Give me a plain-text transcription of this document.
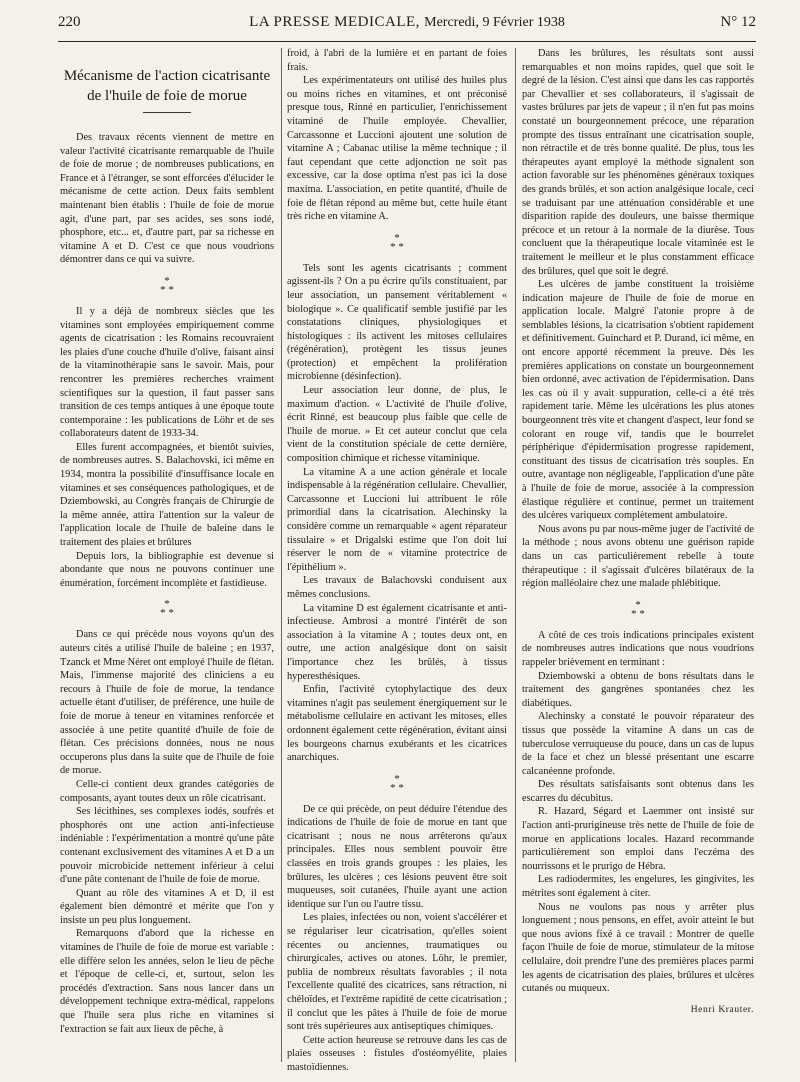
220	LA PRESSE MEDICALE, Mercredi, 9 Février 1938	N° 12
Mécanisme de l'action cicatrisante
de l'huile de foie de morue

Des travaux récents viennent de mettre en valeur l'activité cicatrisante remarquable de l'huile de foie de morue ; de nombreuses publications, en France et à l'étranger, se sont efforcées d'élucider le mécanisme de cette action. Deux faits semblent maintenant bien établis : l'huile de foie de morue agit, d'une part, par ses acides, ses sons iodé, phosphore, etc... et, d'autre part, par sa richesse en vitamine A et D. C'est ce que nous voudrions démontrer dans ce qui va suivre.

*
* *

Il y a déjà de nombreux siècles que les vitamines sont employées empiriquement comme agents de cicatrisation : les Romains recouvraient les plaies d'une couche d'huile d'olive, faisant ainsi de la vitaminothérapie sans le savoir. Mais, pour rencontrer les premières recherches vraiment scientifiques sur la question, il faut passer sans transition de ces temps antiques à une époque toute contemporaine : les publications de Löhr et de ses collaborateurs datent de 1933-34.

Elles furent accompagnées, et bientôt suivies, de nombreuses autres. S. Balachovski, ici même en 1934, montra la possibilité d'insuffisance locale en vitamines et ses conséquences pathologiques, et de Dziembowski, au Congrès français de Chirurgie de la même année, attira l'attention sur la valeur de l'application locale de l'huile de baleine dans le traitement des plaies et brûlures

Depuis lors, la bibliographie est devenue si abondante que nous ne pouvons continuer une énumération, forcément incomplète et fastidieuse.

*
* *

Dans ce qui précède nous voyons qu'un des auteurs cités a utilisé l'huile de baleine ; en 1937, Tzanck et Mme Néret ont employé l'huile de flétan. Mais, l'immense majorité des cliniciens a eu recours à l'huile de foie de morue, la tendance actuelle étant d'utiliser, de préférence, une huile de foie de morue à teneur en vitamines renforcée et associée à une petite quantité d'huile de foie de flétan. Ces précisions données, nous ne nous occuperons plus dans la suite que de l'huile de foie de morue.

Celle-ci contient deux grandes catégories de composants, ayant toutes deux un rôle cicatrisant.

Ses lécithines, ses complexes iodés, soufrés et phosphorés ont une action anti-infectieuse indéniable : l'expérimentation a montré qu'une pâte contenant exclusivement des vitamines A et D a un pouvoir microbicide nettement inférieur à celui d'une pâte contenant de l'huile de foie de morue.

Quant au rôle des vitamines A et D, il est également bien démontré et mérite que l'on y insiste un peu plus longuement.

Remarquons d'abord que la richesse en vitamines de l'huile de foie de morue est variable : elle diffère selon les années, selon le lieu de pêche et l'époque de celle-ci, et, surtout, selon les procédés d'extraction. Sans nous lancer dans un développement technique extra-médical, rappelons que l'huile sera plus riche en vitamines si l'extraction se fait aux lieux de pêche, à

froid, à l'abri de la lumière et en partant de foies frais.

Les expérimentateurs ont utilisé des huiles plus ou moins riches en vitamines, et ont préconisé presque tous, Rinné en particulier, l'enrichissement vitaminé de l'huile employée. Chevallier, Carcassonne et Luccioni ajoutent une solution de vitamine A ; Cabanac utilise la même technique ; il faut cependant que cette adjonction ne soit pas excessive, car la dose optima n'est pas ici la dose maxima. L'association, en petite quantité, d'huile de foie de flétan répond au même but, cette huile étant très riche en vitamine A.

*
* *

Tels sont les agents cicatrisants ; comment agissent-ils ? On a pu écrire qu'ils constituaient, par leur association, un pansement véritablement « biologique ». Ce qualificatif semble justifié par les constatations cliniques, physiologiques et histologiques : ils activent les mitoses cellulaires (régénération), protègent les tissus jeunes (protection) et empêchent la prolifération microbienne (désinfection).

Leur association leur donne, de plus, le maximum d'action. « L'activité de l'huile d'olive, écrit Rinné, est beaucoup plus faible que celle de l'huile de morue. » Et cet auteur conclut que cela vient de la constitution spéciale de cette dernière, composition chimique et richesse vitaminique.

La vitamine A a une action générale et locale indispensable à la régénération cellulaire. Chevallier, Carcassonne et Luccioni lui attribuent le rôle primordial dans la cicatrisation. Alechinsky la considère comme un remarquable « agent réparateur tissulaire » et Drigalski estime que l'on doit lui réserver le nom de « vitamine protectrice de l'épithélium ».

Les travaux de Balachovski conduisent aux mêmes conclusions.

La vitamine D est également cicatrisante et anti-infectieuse. Ambrosi a montré l'intérêt de son association à la vitamine A ; toutes deux ont, en outre, une action analgésique dont on saisit l'importance chez les brûlés, à tissus hyperesthésiques.

Enfin, l'activité cytophylactique des deux vitamines n'agit pas seulement énergiquement sur le métabolisme cellulaire en activant les mitoses, elles ordonnent également cette régénération, évitant ainsi les bourgeons charnus exubérants et les cicatrices anarchiques.

*
* *

De ce qui précède, on peut déduire l'étendue des indications de l'huile de foie de morue en tant que cicatrisant ; nous ne nous arrêterons qu'aux principales. Elles nous semblent pouvoir être classées en trois grands groupes : les plaies, les brûlures, les ulcères ; ces lésions peuvent être soit muqueuses, soit cutanées, l'huile ayant une action identique sur l'un ou l'autre tissu.

Les plaies, infectées ou non, voient s'accélérer et se régulariser leur cicatrisation, qu'elles soient récentes ou anciennes, traumatiques ou chirurgicales, actives ou atones. Löhr, le premier, publia de nombreux résultats favorables ; il nota l'excellente qualité des cicatrices, sans rétraction, ni chéloïdes, et l'extrême rapidité de cette cicatrisation ; il conclut que les pâtes à l'huile de foie de morue sont très supérieures aux antiseptiques chimiques.

Cette action heureuse se retrouve dans les cas de plaies osseuses : fistules d'ostéomyélite, plaies mastoïdiennes.

Dans les brûlures, les résultats sont aussi remarquables et non moins rapides, quel que soit le degré de la lésion. C'est ainsi que dans les cas rapportés par Chevallier et ses collaborateurs, il s'agissait de vastes brûlures par jets de vapeur ; il n'en fut pas moins constaté un bourgeonnement précoce, une réparation prompte des tissus entraînant une cicatrisation souple, non rétractile et de très bonne qualité. De plus, tous les thérapeutes ayant employé la méthode signalent son action favorable sur les phénomènes généraux toxiques des grands brûlés, et son action analgésique locale, ceci se traduisant par une atténuation considérable et une disparition rapide des douleurs, une baisse thermique précoce et un retour à la normale de la diurèse. Tous concluent que la thérapeutique locale vitaminée est le traitement le meilleur et le plus constamment efficace des brûlures, quel que soit le degré.

Les ulcères de jambe constituent la troisième indication majeure de l'huile de foie de morue en application locale. Malgré l'atonie propre à de semblables lésions, la cicatrisation s'obtient rapidement et définitivement. Guinchard et P. Durand, ici même, en ont encore apporté récemment la preuve. Dès les premières applications on constate un bourgeonnement bien ordonné, avec activation de l'épidermisation. Dans les cas où il y avait suppuration, celle-ci a été très rapidement tarie. Même les ulcérations les plus atones bourgeonnent très vite et changent d'aspect, leur fond se colorant en rouge vif, tandis que le bourrelet périphérique d'épidermisation progresse rapidement, constituant des tissus de cicatrisation très souples. En outre, avantage non négligeable, l'application d'une pâte à l'huile de foie de morue, associée à la compression élastique régulière et continue, permet un traitement des ulcères variqueux complètement ambulatoire.

Nous avons pu par nous-même juger de l'activité de la méthode ; nous avons obtenu une guérison rapide dans un cas particulièrement rebelle à toute thérapeutique : il s'agissait d'ulcères bilatéraux de la région malléolaire chez une malade phlébitique.

*
* *

A côté de ces trois indications principales existent de nombreuses autres indications que nous voudrions rappeler brièvement en terminant :

Dziembowski a obtenu de bons résultats dans le traitement des gangrènes spontanées chez les diabétiques.

Alechinsky a constaté le pouvoir réparateur des tissus que possède la vitamine A dans un cas de tuberculose verruqueuse du pouce, dans un cas de lupus de la face et chez un blessé présentant une escarre calcanéenne profonde.

Des résultats satisfaisants sont obtenus dans les escarres du décubitus.

R. Hazard, Ségard et Laemmer ont insisté sur l'action anti-prurigineuse très nette de l'huile de foie de morue en applications locales. Hazard recommande particulièrement son emploi dans l'eczéma des nourrissons et le prurigo de Hébra.

Les radiodermites, les engelures, les gingivites, les métrites sont également à citer.

Nous ne voulons pas nous y arrêter plus longuement ; nous pensons, en effet, avoir atteint le but que nous avions fixé à ce travail : Montrer de quelle façon l'huile de foie de morue, stimulateur de la mitose cellulaire, doit prendre l'une des premières places parmi les agents de cicatrisation des plaies, brûlures et ulcères cutanés ou muqueux.

Henri Krauter.
